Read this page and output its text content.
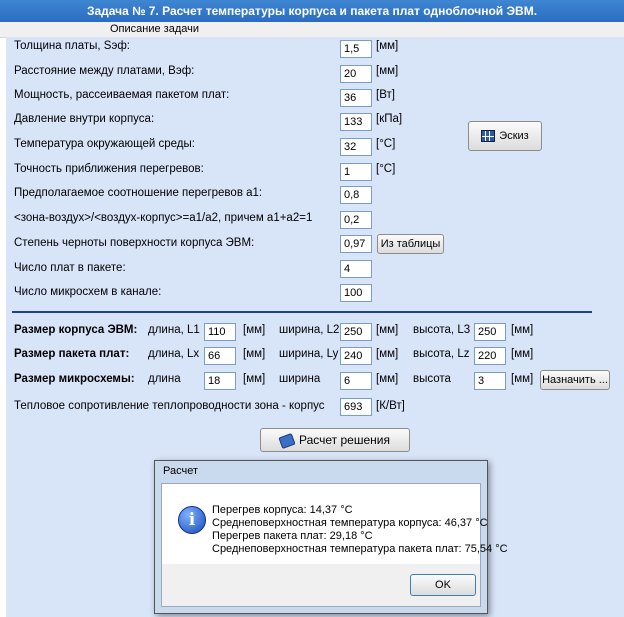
Задача № 7. Расчет температуры корпуса и пакета плат одноблочной ЭВМ.
Описание задачи
Толщина платы, Sэф:	1,5	[мм]
Расстояние между платами, Вэф:	20	[мм]
Мощность, рассеиваемая пакетом плат:	36	[Вт]
Давление внутри корпуса:	133	[кПа]
Температура окружающей среды:	32	[°С]
Точность приближения перегревов:	1	[°С]
Предполагаемое соотношение перегревов a1:	0,8
<зона-воздух>/<воздух-корпус>=a1/a2, причем a1+a2=1	0,2
Степень черноты поверхности корпуса ЭВМ:	0,97
Число плат в пакете:	4
Число микросхем в канале:	100
Эскиз
Из таблицы
Размер корпуса ЭВМ: длина, L1 110	[мм] ширина, L2 250	[мм] высота, L3 250	[мм]
Размер пакета плат: длина, Lx 66	[мм] ширина, Ly 240	[мм] высота, Lz 220	[мм]
Размер микросхемы: длина	18	[мм] ширина	6	[мм] высота	3	[мм] Назначить ...
Тепловое сопротивление теплопроводности зона - корпус	693	[К/Вт]
Расчет решения
Расчет
i	Перегрев корпуса: 14,37 °С
Среднеповерхностная температура корпуса: 46,37 °С
Перегрев пакета плат: 29,18 °С
Среднеповерхностная температура пакета плат: 75,54 °С
OK
